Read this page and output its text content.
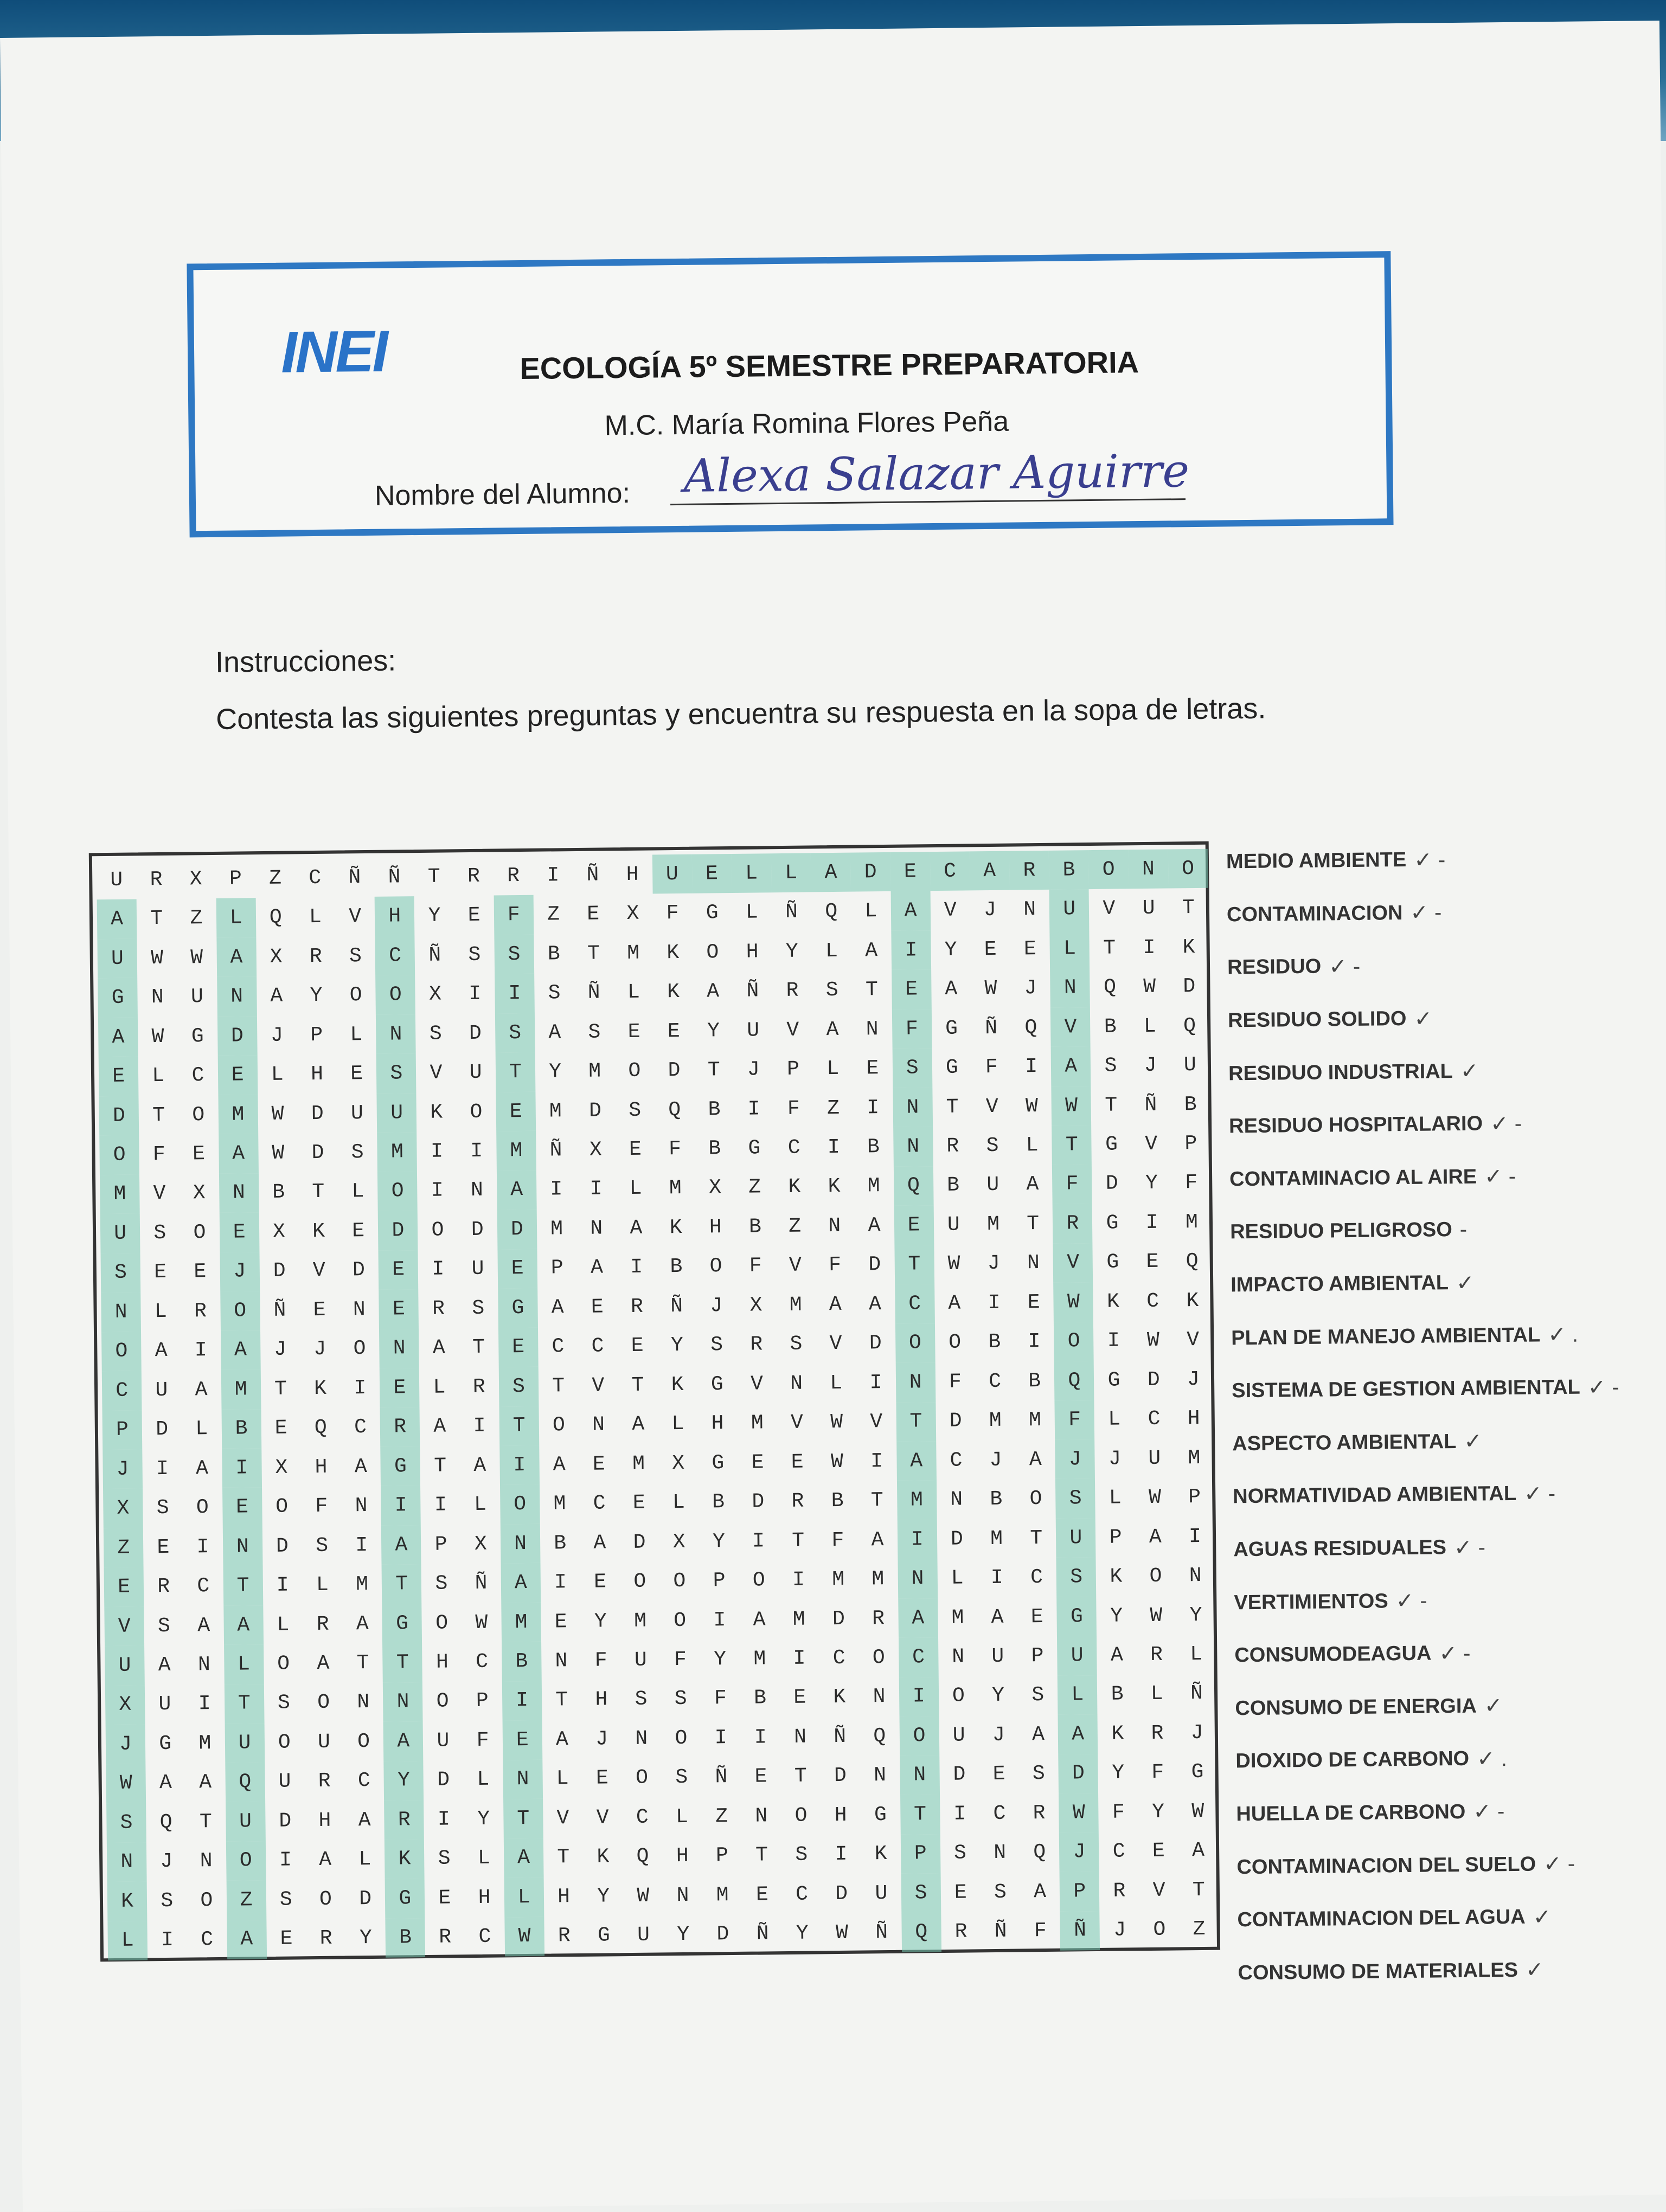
INEI	ECOLOGÍA 5º SEMESTRE PREPARATORIA
M.C. María Romina Flores Peña
Nombre del Alumno: Alexa Salazar Aguirre
Instrucciones:
Contesta las siguientes preguntas y encuentra su respuesta en la sopa de letras.
U	R	X	P	Z	C	Ñ	Ñ	T	R	R	I	Ñ	H	U	E	L	L	A	D	E	C	A	R	B	O	N	O
A	T	Z	L	Q	L	V	H	Y	E	F	Z	E	X	F	G	L	Ñ	Q	L	A	V	J	N	U	V	U	T
U	W	W	A	X	R	S	C	Ñ	S	S	B	T	M	K	O	H	Y	L	A	I	Y	E	E	L	T	I	K
G	N	U	N	A	Y	O	O	X	I	I	S	Ñ	L	K	A	Ñ	R	S	T	E	A	W	J	N	Q	W	D
A	W	G	D	J	P	L	N	S	D	S	A	S	E	E	Y	U	V	A	N	F	G	Ñ	Q	V	B	L	Q
E	L	C	E	L	H	E	S	V	U	T	Y	M	O	D	T	J	P	L	E	S	G	F	I	A	S	J	U
D	T	O	M	W	D	U	U	K	O	E	M	D	S	Q	B	I	F	Z	I	N	T	V	W	W	T	Ñ	B
O	F	E	A	W	D	S	M	I	I	M	Ñ	X	E	F	B	G	C	I	B	N	R	S	L	T	G	V	P
M	V	X	N	B	T	L	O	I	N	A	I	I	L	M	X	Z	K	K	M	Q	B	U	A	F	D	Y	F
U	S	O	E	X	K	E	D	O	D	D	M	N	A	K	H	B	Z	N	A	E	U	M	T	R	G	I	M
S	E	E	J	D	V	D	E	I	U	E	P	A	I	B	O	F	V	F	D	T	W	J	N	V	G	E	Q
N	L	R	O	Ñ	E	N	E	R	S	G	A	E	R	Ñ	J	X	M	A	A	C	A	I	E	W	K	C	K
O	A	I	A	J	J	O	N	A	T	E	C	C	E	Y	S	R	S	V	D	O	O	B	I	O	I	W	V
C	U	A	M	T	K	I	E	L	R	S	T	V	T	K	G	V	N	L	I	N	F	C	B	Q	G	D	J
P	D	L	B	E	Q	C	R	A	I	T	O	N	A	L	H	M	V	W	V	T	D	M	M	F	L	C	H
J	I	A	I	X	H	A	G	T	A	I	A	E	M	X	G	E	E	W	I	A	C	J	A	J	J	U	M
X	S	O	E	O	F	N	I	I	L	O	M	C	E	L	B	D	R	B	T	M	N	B	O	S	L	W	P
Z	E	I	N	D	S	I	A	P	X	N	B	A	D	X	Y	I	T	F	A	I	D	M	T	U	P	A	I
E	R	C	T	I	L	M	T	S	Ñ	A	I	E	O	O	P	O	I	M	M	N	L	I	C	S	K	O	N
V	S	A	A	L	R	A	G	O	W	M	E	Y	M	O	I	A	M	D	R	A	M	A	E	G	Y	W	Y
U	A	N	L	O	A	T	T	H	C	B	N	F	U	F	Y	M	I	C	O	C	N	U	P	U	A	R	L
X	U	I	T	S	O	N	N	O	P	I	T	H	S	S	F	B	E	K	N	I	O	Y	S	L	B	L	Ñ
J	G	M	U	O	U	O	A	U	F	E	A	J	N	O	I	I	N	Ñ	Q	O	U	J	A	A	K	R	J
W	A	A	Q	U	R	C	Y	D	L	N	L	E	O	S	Ñ	E	T	D	N	N	D	E	S	D	Y	F	G
S	Q	T	U	D	H	A	R	I	Y	T	V	V	C	L	Z	N	O	H	G	T	I	C	R	W	F	Y	W
N	J	N	O	I	A	L	K	S	L	A	T	K	Q	H	P	T	S	I	K	P	S	N	Q	J	C	E	A
K	S	O	Z	S	O	D	G	E	H	L	H	Y	W	N	M	E	C	D	U	S	E	S	A	P	R	V	T
L	I	C	A	E	R	Y	B	R	C	W	R	G	U	Y	D	Ñ	Y	W	Ñ	Q	R	Ñ	F	Ñ	J	O	Z
MEDIO AMBIENTE ✓ -
CONTAMINACION ✓ -
RESIDUO ✓ -
RESIDUO SOLIDO ✓
RESIDUO INDUSTRIAL ✓
RESIDUO HOSPITALARIO ✓ -
CONTAMINACIO AL AIRE ✓ -
RESIDUO PELIGROSO -
IMPACTO AMBIENTAL ✓
PLAN DE MANEJO AMBIENTAL ✓ .
SISTEMA DE GESTION AMBIENTAL ✓ -
ASPECTO AMBIENTAL ✓
NORMATIVIDAD AMBIENTAL ✓ -
AGUAS RESIDUALES ✓ -
VERTIMIENTOS ✓ -
CONSUMODEAGUA ✓ -
CONSUMO DE ENERGIA ✓
DIOXIDO DE CARBONO ✓ .
HUELLA DE CARBONO ✓ -
CONTAMINACION DEL SUELO ✓ -
CONTAMINACION DEL AGUA ✓
CONSUMO DE MATERIALES ✓
